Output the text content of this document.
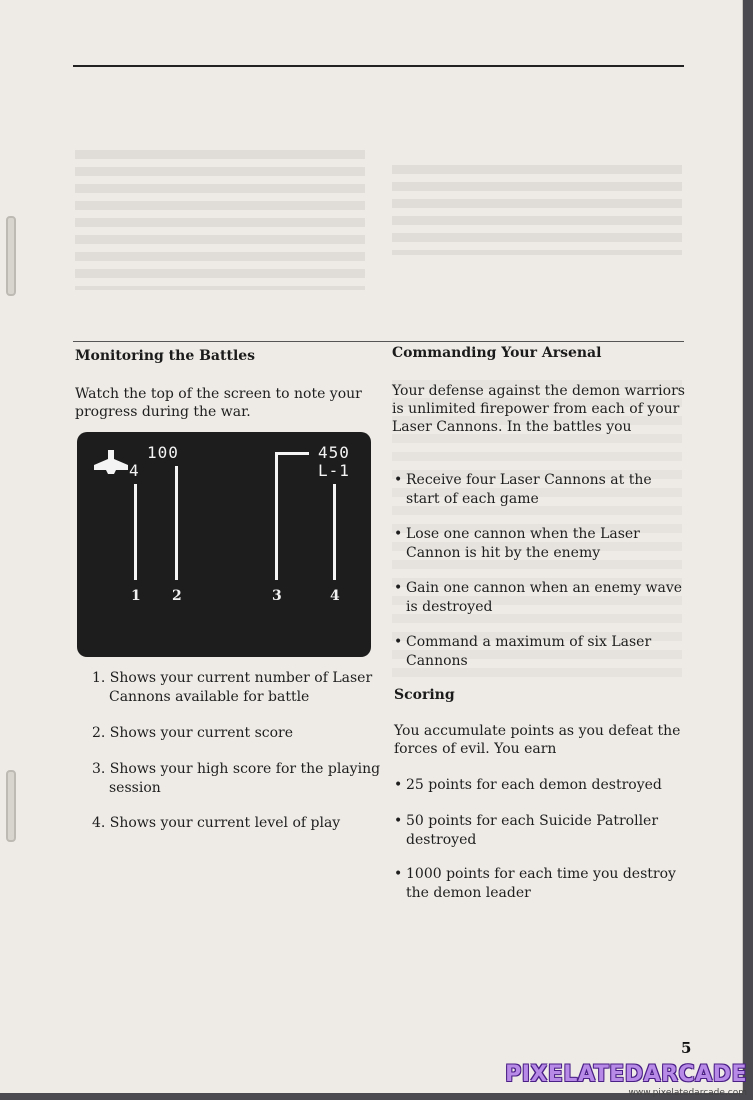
Monitoring the Battles
Watch the top of the screen to note your progress during the war.
4
100	450
L-1
1 2	3	4
1. Shows your current number of Laser Cannons available for battle
2. Shows your current score
3. Shows your high score for the playing session
4. Shows your current level of play
Commanding Your Arsenal
Your defense against the demon warriors is unlimited firepower from each of your Laser Cannons. In the battles you
• Receive four Laser Cannons at the start of each game
• Lose one cannon when the Laser Cannon is hit by the enemy
• Gain one cannon when an enemy wave is destroyed
• Command a maximum of six Laser Cannons
Scoring
You accumulate points as you defeat the forces of evil. You earn
• 25 points for each demon destroyed
• 50 points for each Suicide Patroller destroyed
• 1000 points for each time you destroy the demon leader
5
PIXELATEDARCADE
www.pixelatedarcade.com
